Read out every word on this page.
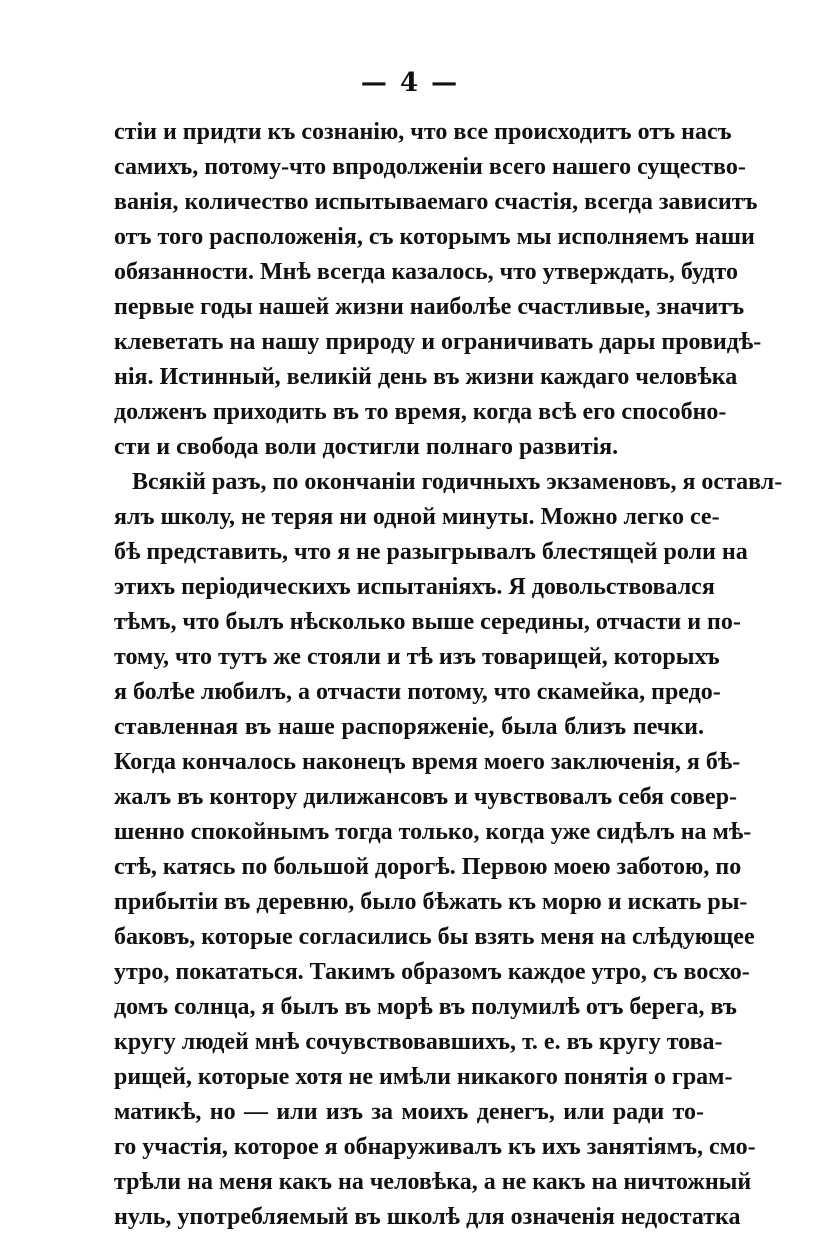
— 4 —
стіи и придти къ сознанію, что все происходитъ отъ насъ
самихъ, потому-что впродолженіи всего нашего существо-
ванія, количество испытываемаго счастія, всегда зависитъ
отъ того расположенія, съ которымъ мы исполняемъ наши
обязанности. Мнѣ всегда казалось, что утверждать, будто
первые годы нашей жизни наиболѣе счастливые, значитъ
клеветать на нашу природу и ограничивать дары провидѣ-
нія. Истинный, великій день въ жизни каждаго человѣка
долженъ приходить въ то время, когда всѣ его способно-
сти и свобода воли достигли полнаго развитія.
Всякій разъ, по окончаніи годичныхъ экзаменовъ, я оставл-
ялъ школу, не теряя ни одной минуты. Можно легко се-
бѣ представить, что я не разыгрывалъ блестящей роли на
этихъ періодическихъ испытаніяхъ. Я довольствовался
тѣмъ, что былъ нѣсколько выше середины, отчасти и по-
тому, что тутъ же стояли и тѣ изъ товарищей, которыхъ
я болѣе любилъ, а отчасти потому, что скамейка, предо-
ставленная въ наше распоряженіе, была близъ печки.
Когда кончалось наконецъ время моего заключенія, я бѣ-
жалъ въ контору дилижансовъ и чувствовалъ себя совер-
шенно спокойнымъ тогда только, когда уже сидѣлъ на мѣ-
стѣ, катясь по большой дорогѣ. Первою моею заботою, по
прибытіи въ деревню, было бѣжать къ морю и искать ры-
баковъ, которые согласились бы взять меня на слѣдующее
утро, покататься. Такимъ образомъ каждое утро, съ восхо-
домъ солнца, я былъ въ морѣ въ полумилѣ отъ берега, въ
кругу людей мнѣ сочувствовавшихъ, т. е. въ кругу това-
рищей, которые хотя не имѣли никакого понятія о грам-
матикѣ, но — или изъ за моихъ денегъ, или ради то-
го участія, которое я обнаруживалъ къ ихъ занятіямъ, смо-
трѣли на меня какъ на человѣка, а не какъ на ничтожный
нуль, употребляемый въ школѣ для означенія недостатка
